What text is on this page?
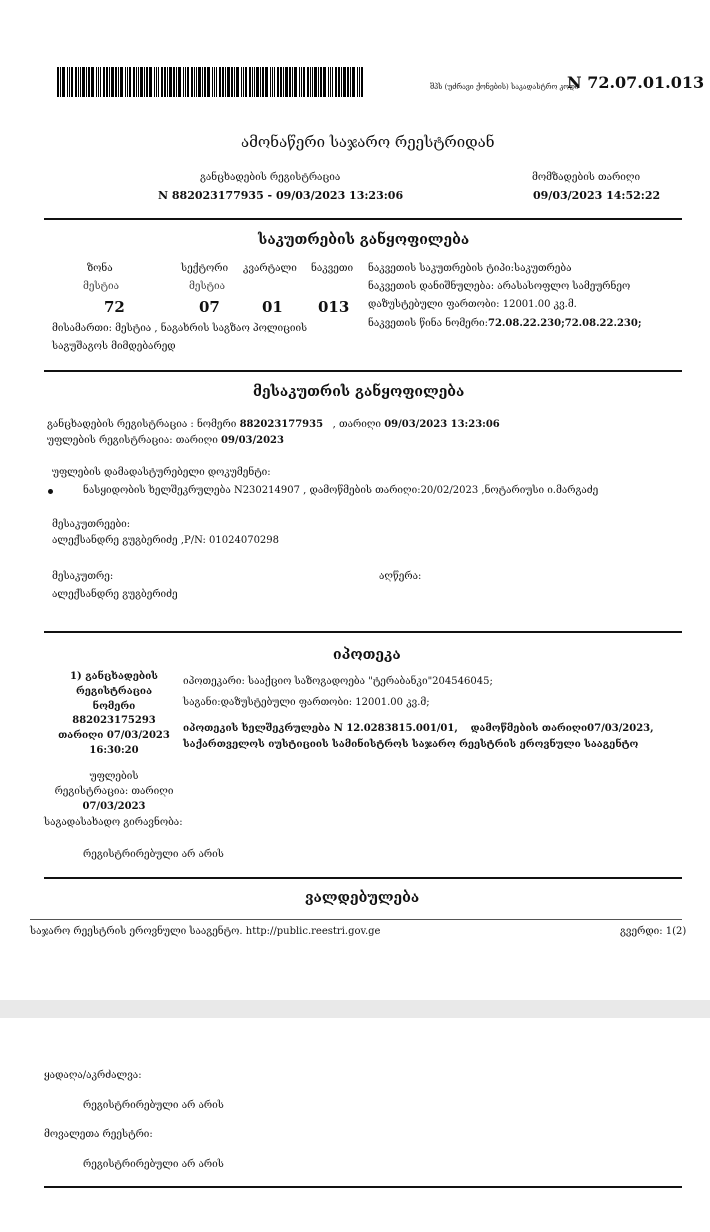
შპს (უძრავი ქონების) საკადასტრო კოდი
N 72.07.01.013
ამონაწერი საჯარო რეესტრიდან
განცხადების რეგისტრაცია
N 882023177935 - 09/03/2023 13:23:06
მომზადების თარიღი
09/03/2023 14:52:22
საკუთრების განყოფილება
ზონა	სექტორი კვარტალი ნაკვეთი
მესტია	მესტია
72	07	01 013
მისამართი: მესტია , ნაგახრის საგზაო პოლიციის
საგუშაგოს მიმდებარედ
ნაკვეთის საკუთრების ტიპი:საკუთრება
ნაკვეთის დანიშნულება: არასასოფლო სამეურნეო
დაზუსტებული ფართობი: 12001.00 კვ.მ.
ნაკვეთის წინა ნომერი:72.08.22.230;72.08.22.230;
მესაკუთრის განყოფილება
განცხადების რეგისტრაცია : ნომერი 882023177935 , თარიღი 09/03/2023 13:23:06
უფლების რეგისტრაცია: თარიღი 09/03/2023
უფლების დამადასტურებელი დოკუმენტი:
ნასყიდობის ხელშეკრულება N230214907 , დამოწმების თარიღი:20/02/2023 ,ნოტარიუსი ი.მარგაძე
მესაკუთრეები:
ალექსანდრე გუგბერიძე ,P/N: 01024070298
მესაკუთრე:	აღწერა:
ალექსანდრე გუგბერიძე
იპოთეკა
1) განცხადების
რეგისტრაცია
ნომერი
882023175293
თარიღი 07/03/2023
16:30:20
უფლების
რეგისტრაცია: თარიღი
07/03/2023
იპოთეკარი: სააქციო საზოგადოება "ტერაბანკი"204546045;
საგანი:დაზუსტებული ფართობი: 12001.00 კვ.მ;
იპოთეკის ხელშეკრულება N 12.0283815.001/01, დამოწმების თარიღი07/03/2023,
საქართველოს იუსტიციის სამინისტროს საჯარო რეესტრის ეროვნული სააგენტო
საგადასახადო გირავნობა:
რეგისტრირებული არ არის
ვალდებულება
საჯარო რეესტრის ეროვნული სააგენტო. http://public.reestri.gov.ge	გვერდი: 1(2)
ყადაღა/აკრძალვა:
რეგისტრირებული არ არის
მოვალეთა რეესტრი:
რეგისტრირებული არ არის
